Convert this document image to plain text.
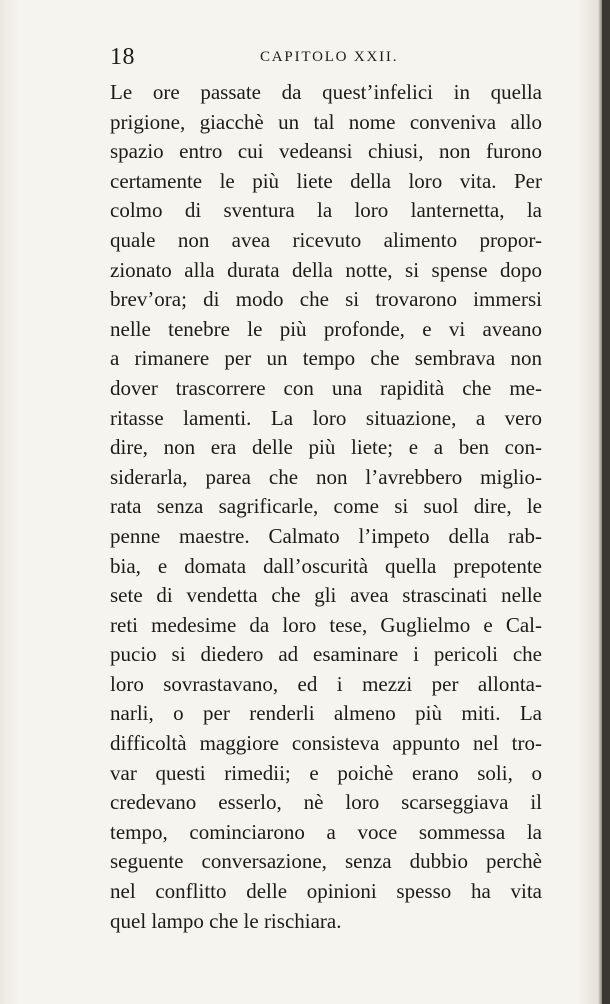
18	CAPITOLO XXII.
Le ore passate da quest’infelici in quella
prigione, giacchè un tal nome conveniva allo
spazio entro cui vedeansi chiusi, non furono
certamente le più liete della loro vita. Per
colmo di sventura la loro lanternetta, la
quale non avea ricevuto alimento propor-
zionato alla durata della notte, si spense dopo
brev’ora; di modo che si trovarono immersi
nelle tenebre le più profonde, e vi aveano
a rimanere per un tempo che sembrava non
dover trascorrere con una rapidità che me-
ritasse lamenti. La loro situazione, a vero
dire, non era delle più liete; e a ben con-
siderarla, parea che non l’avrebbero miglio-
rata senza sagrificarle, come si suol dire, le
penne maestre. Calmato l’impeto della rab-
bia, e domata dall’oscurità quella prepotente
sete di vendetta che gli avea strascinati nelle
reti medesime da loro tese, Guglielmo e Cal-
pucio si diedero ad esaminare i pericoli che
loro sovrastavano, ed i mezzi per allonta-
narli, o per renderli almeno più miti. La
difficoltà maggiore consisteva appunto nel tro-
var questi rimedii; e poichè erano soli, o
credevano esserlo, nè loro scarseggiava il
tempo, cominciarono a voce sommessa la
seguente conversazione, senza dubbio perchè
nel conflitto delle opinioni spesso ha vita
quel lampo che le rischiara.
